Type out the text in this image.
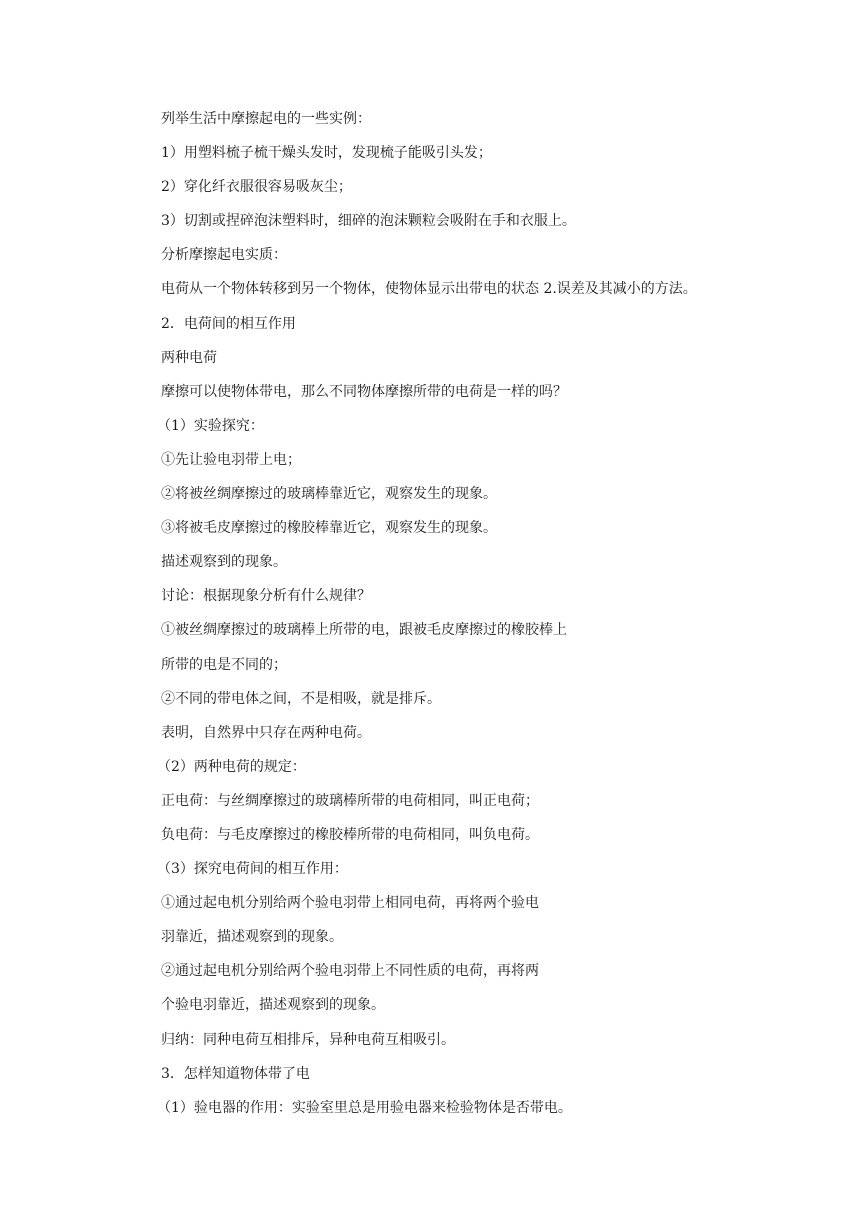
列举生活中摩擦起电的一些实例：
1）用塑料梳子梳干燥头发时，发现梳子能吸引头发；
2）穿化纤衣服很容易吸灰尘；
3）切割或捏碎泡沫塑料时，细碎的泡沫颗粒会吸附在手和衣服上。
分析摩擦起电实质：
电荷从一个物体转移到另一个物体，使物体显示出带电的状态 2.误差及其减小的方法。
2．电荷间的相互作用
两种电荷
摩擦可以使物体带电，那么不同物体摩擦所带的电荷是一样的吗？
（1）实验探究：
①先让验电羽带上电；
②将被丝绸摩擦过的玻璃棒靠近它，观察发生的现象。
③将被毛皮摩擦过的橡胶棒靠近它，观察发生的现象。
描述观察到的现象。
讨论：根据现象分析有什么规律？
①被丝绸摩擦过的玻璃棒上所带的电，跟被毛皮摩擦过的橡胶棒上
所带的电是不同的；
②不同的带电体之间，不是相吸，就是排斥。
表明，自然界中只存在两种电荷。
（2）两种电荷的规定：
正电荷：与丝绸摩擦过的玻璃棒所带的电荷相同，叫正电荷；
负电荷：与毛皮摩擦过的橡胶棒所带的电荷相同，叫负电荷。
（3）探究电荷间的相互作用：
①通过起电机分别给两个验电羽带上相同电荷，再将两个验电
羽靠近，描述观察到的现象。
②通过起电机分别给两个验电羽带上不同性质的电荷，再将两
个验电羽靠近，描述观察到的现象。
归纳：同种电荷互相排斥，异种电荷互相吸引。
3．怎样知道物体带了电
（1）验电器的作用：实验室里总是用验电器来检验物体是否带电。
